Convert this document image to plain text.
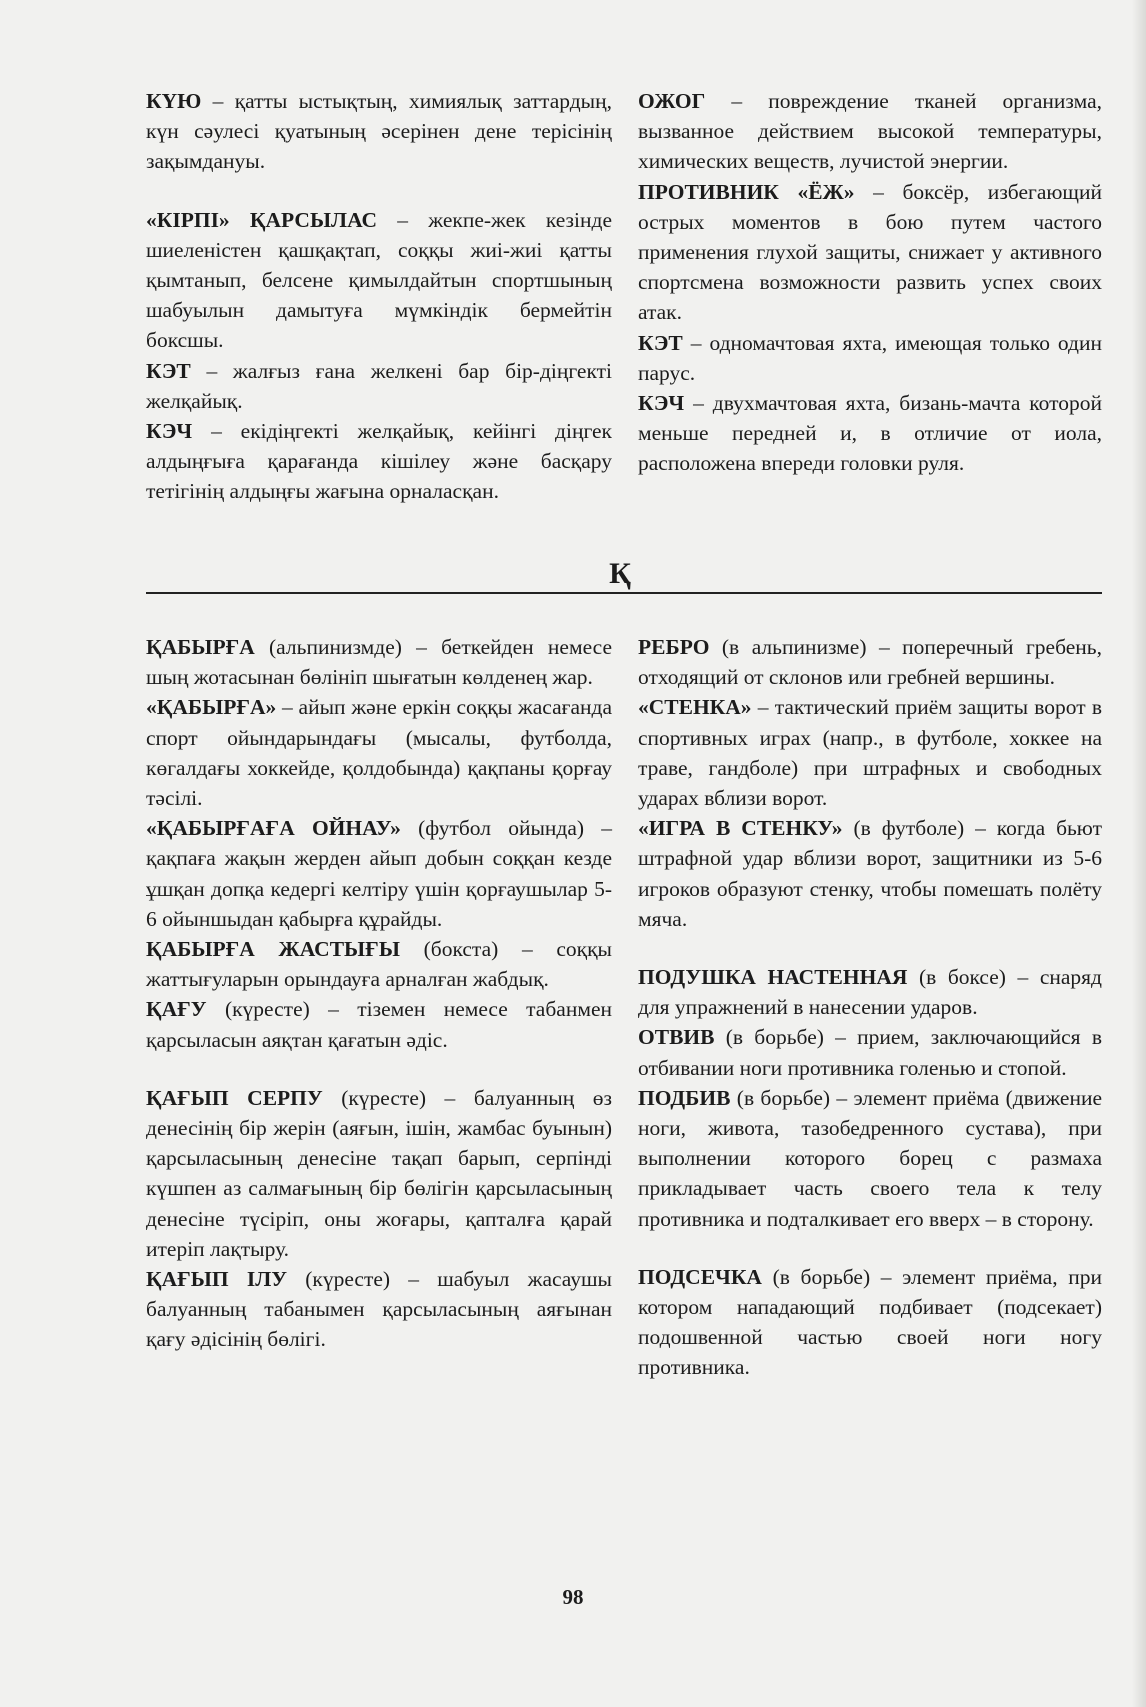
КҮЮ – қатты ыстықтың, химиялық заттардың, күн сәулесі қуатының әсерінен дене терісінің зақымдануы.

«КІРПІ» ҚАРСЫЛАС – жекпе-жек кезінде шиеленістен қашқақтап, соққы жиі-жиі қатты қымтанып, белсене қимылдайтын спортшының шабуылын дамытуға мүмкіндік бермейтін боксшы.

КЭТ – жалғыз ғана желкені бар бір-діңгекті желқайық.

КЭЧ – екідіңгекті желқайық, кейінгі діңгек алдыңғыға қарағанда кішілеу және басқару тетігінің алдыңғы жағына орналасқан.

ОЖОГ – повреждение тканей организма, вызванное действием высокой температуры, химических веществ, лучистой энергии.

ПРОТИВНИК «ЁЖ» – боксёр, избегающий острых моментов в бою путем частого применения глухой защиты, снижает у активного спортсмена возможности развить успех своих атак.

КЭТ – одномачтовая яхта, имеющая только один парус.

КЭЧ – двухмачтовая яхта, бизань-мачта которой меньше передней и, в отличие от иола, расположена впереди головки руля.

Қ

ҚАБЫРҒА (альпинизмде) – беткейден немесе шың жотасынан бөлініп шығатын көлденең жар.

«ҚАБЫРҒА» – айып және еркін соққы жасағанда спорт ойындарындағы (мысалы, футболда, көгалдағы хоккейде, қолдобында) қақпаны қорғау тәсілі.

«ҚАБЫРҒАҒА ОЙНАУ» (футбол ойында) – қақпаға жақын жерден айып добын соққан кезде ұшқан допқа кедергі келтіру үшін қорғаушылар 5-6 ойыншыдан қабырға құрайды.

ҚАБЫРҒА ЖАСТЫҒЫ (бокста) – соққы жаттығуларын орындауға арналған жабдық.

ҚАҒУ (күресте) – тіземен немесе табанмен қарсыласын аяқтан қағатын әдіс.

ҚАҒЫП СЕРПУ (күресте) – балуанның өз денесінің бір жерін (аяғын, ішін, жамбас буынын) қарсыласының денесіне тақап барып, серпінді күшпен аз салмағының бір бөлігін қарсыласының денесіне түсіріп, оны жоғары, қапталға қарай итеріп лақтыру.

ҚАҒЫП ІЛУ (күресте) – шабуыл жасаушы балуанның табанымен қарсыласының аяғынан қағу әдісінің бөлігі.

РЕБРО (в альпинизме) – поперечный гребень, отходящий от склонов или гребней вершины.

«СТЕНКА» – тактический приём защиты ворот в спортивных играх (напр., в футболе, хоккее на траве, гандболе) при штрафных и свободных ударах вблизи ворот.

«ИГРА В СТЕНКУ» (в футболе) – когда бьют штрафной удар вблизи ворот, защитники из 5-6 игроков образуют стенку, чтобы помешать полёту мяча.

ПОДУШКА НАСТЕННАЯ (в боксе) – снаряд для упражнений в нанесении ударов.

ОТВИВ (в борьбе) – прием, заключающийся в отбивании ноги противника голенью и стопой.

ПОДБИВ (в борьбе) – элемент приёма (движение ноги, живота, тазобедренного сустава), при выполнении которого борец с размаха прикладывает часть своего тела к телу противника и подталкивает его вверх – в сторону.

ПОДСЕЧКА (в борьбе) – элемент приёма, при котором нападающий подбивает (подсекает) подошвенной частью своей ноги ногу противника.

98
